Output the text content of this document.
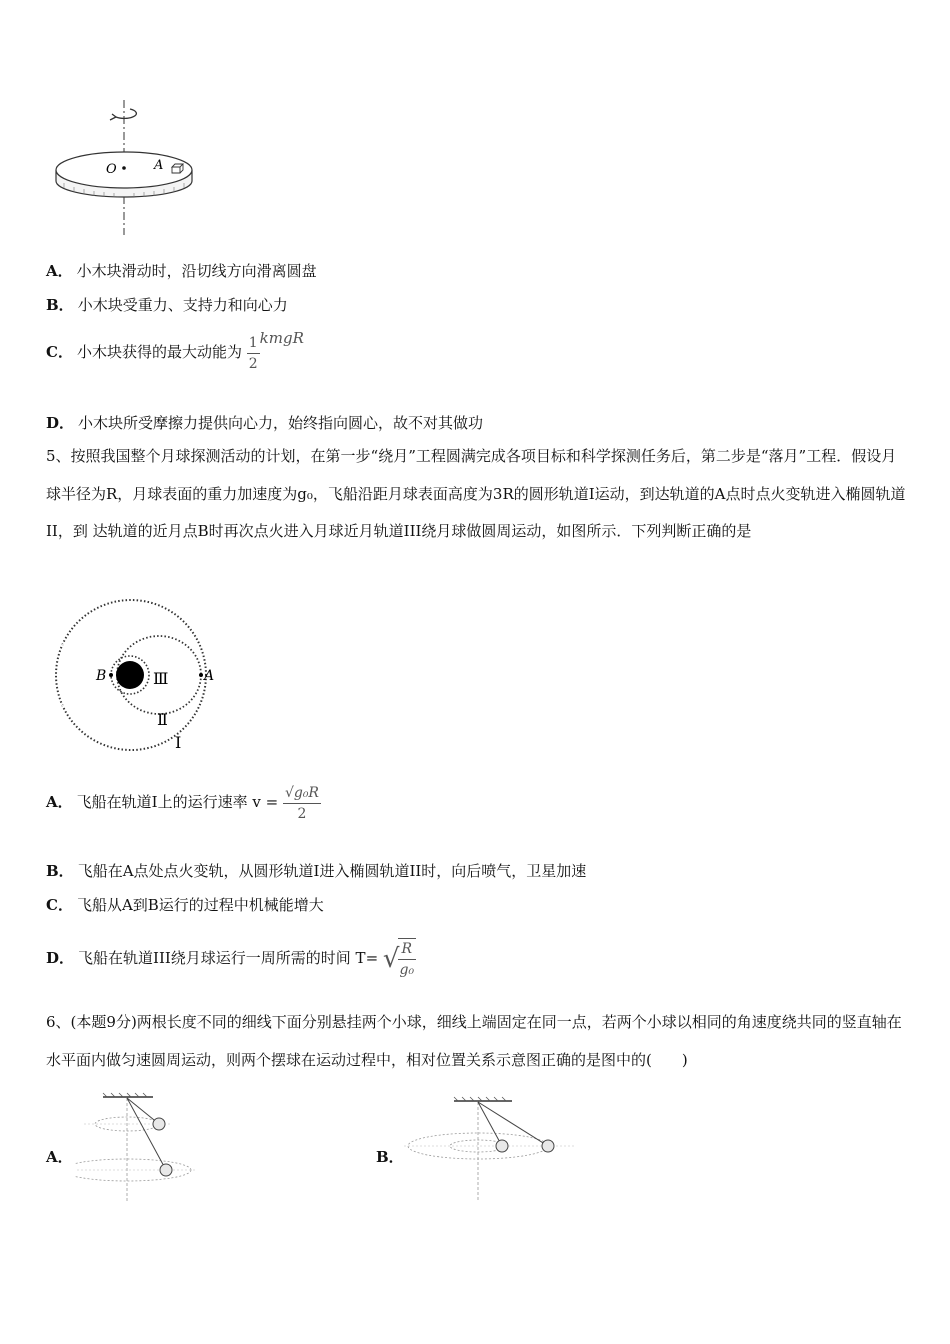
O	A
A． 小木块滑动时，沿切线方向滑离圆盘
B． 小木块受重力、支持力和向心力
C． 小木块获得的最大动能为 $\frac{1}{2}$ kmgR
D． 小木块所受摩擦力提供向心力，始终指向圆心，故不对其做功
5、按照我国整个月球探测活动的计划，在第一步“绕月”工程圆满完成各项目标和科学探测任务后，第二步是“落月”工程．假设月球半径为R，月球表面的重力加速度为g₀，飞船沿距月球表面高度为3R的圆形轨道I运动，到达轨道的A点时点火变轨进入椭圆轨道II，到 达轨道的近月点B时再次点火进入月球近月轨道III绕月球做圆周运动，如图所示．下列判断正确的是
B	A
Ⅲ
Ⅱ
Ⅰ
A． 飞船在轨道I上的运行速率 $v = \frac{\text{√g₀R}}{2}$
B． 飞船在A点处点火变轨，从圆形轨道I进入椭圆轨道II时，向后喷气，卫星加速
C． 飞船从A到B运行的过程中机械能增大
D． 飞船在轨道III绕月球运行一周所需的时间 T= √
$\frac{R}{\text{g₀}}$
6、(本题9分)两根长度不同的细线下面分别悬挂两个小球，细线上端固定在同一点，若两个小球以相同的角速度绕共同的竖直轴在水平面内做匀速圆周运动，则两个摆球在运动过程中，相对位置关系示意图正确的是图中的(　　)
A．	B．
